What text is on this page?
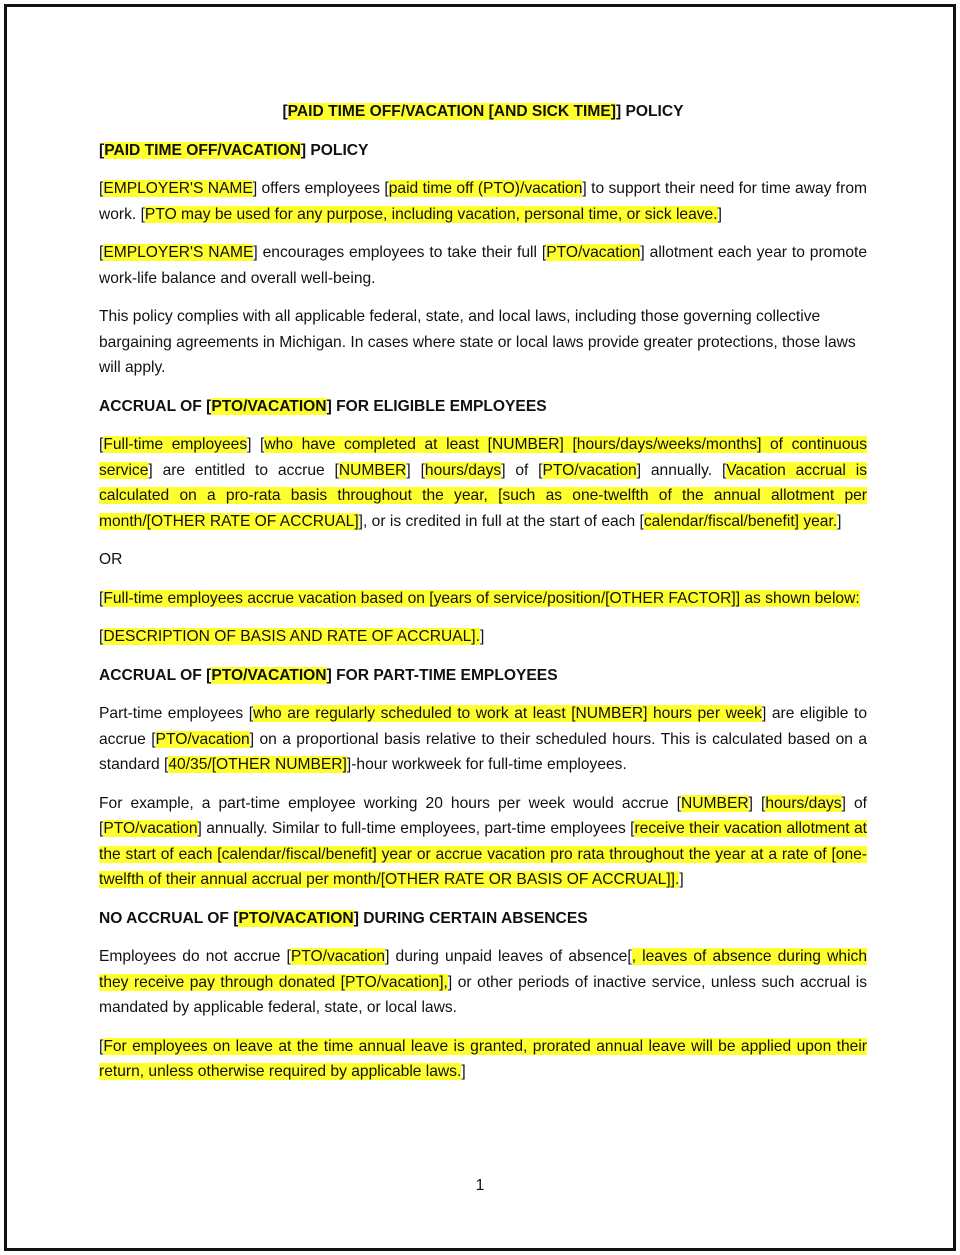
[PAID TIME OFF/VACATION [AND SICK TIME]] POLICY
[PAID TIME OFF/VACATION] POLICY

[EMPLOYER'S NAME] offers employees [paid time off (PTO)/vacation] to support their need for time away from work. [PTO may be used for any purpose, including vacation, personal time, or sick leave.]

[EMPLOYER'S NAME] encourages employees to take their full [PTO/vacation] allotment each year to promote work-life balance and overall well-being.

This policy complies with all applicable federal, state, and local laws, including those governing collective bargaining agreements in Michigan. In cases where state or local laws provide greater protections, those laws will apply.

ACCRUAL OF [PTO/VACATION] FOR ELIGIBLE EMPLOYEES

[Full-time employees] [who have completed at least [NUMBER] [hours/days/weeks/months] of continuous service] are entitled to accrue [NUMBER] [hours/days] of [PTO/vacation] annually. [Vacation accrual is calculated on a pro-rata basis throughout the year, [such as one-twelfth of the annual allotment per month/[OTHER RATE OF ACCRUAL]], or is credited in full at the start of each [calendar/fiscal/benefit] year.]

OR

[Full-time employees accrue vacation based on [years of service/position/[OTHER FACTOR]] as shown below:

[DESCRIPTION OF BASIS AND RATE OF ACCRUAL].]

ACCRUAL OF [PTO/VACATION] FOR PART-TIME EMPLOYEES

Part-time employees [who are regularly scheduled to work at least [NUMBER] hours per week] are eligible to accrue [PTO/vacation] on a proportional basis relative to their scheduled hours. This is calculated based on a standard [40/35/[OTHER NUMBER]]-hour workweek for full-time employees.

For example, a part-time employee working 20 hours per week would accrue [NUMBER] [hours/days] of [PTO/vacation] annually. Similar to full-time employees, part-time employees [receive their vacation allotment at the start of each [calendar/fiscal/benefit] year or accrue vacation pro rata throughout the year at a rate of [one-twelfth of their annual accrual per month/[OTHER RATE OR BASIS OF ACCRUAL]].]

NO ACCRUAL OF [PTO/VACATION] DURING CERTAIN ABSENCES

Employees do not accrue [PTO/vacation] during unpaid leaves of absence[, leaves of absence during which they receive pay through donated [PTO/vacation],] or other periods of inactive service, unless such accrual is mandated by applicable federal, state, or local laws.

[For employees on leave at the time annual leave is granted, prorated annual leave will be applied upon their return, unless otherwise required by applicable laws.]

1
